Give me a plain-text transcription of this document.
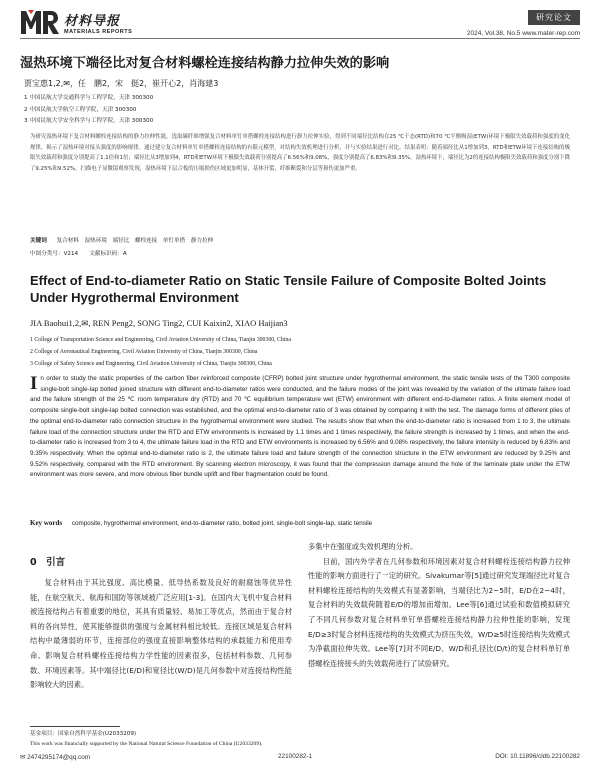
材料导报
MATERIALS REPORTS
研究论文
2024, Vol.38, No.5 www.mater-rep.com
湿热环境下端径比对复合材料螺栓连接结构静力拉伸失效的影响
贾宝惠1,2,✉，任　鹏2，宋　挺2，崔开心2，肖海建3
1 中国民航大学交通科学与工程学院，天津 300300
2 中国民航大学航空工程学院，天津 300300
3 中国民航大学安全科学与工程学院，天津 300300
为研究湿热环境下复合材料螺栓连接结构的静力拉伸性能，选取碳纤维增强复合材料单钉单搭螺栓连接结构进行静力拉伸实验，得到不同端径比结构在25 ℃干态(RTD)和70 ℃平衡吸湿(ETW)环境下极限失效载荷和强度的变化规律，揭示了湿热环境对接头强度的影响规律。通过建立复合材料单钉单搭螺栓连接结构的有限元模型，对结构失效机理进行分析，并与实验结果进行对比。结果表明：随着端径比从1增加到3，RTD和ETW环境下连接结构的极限失效载荷和强度分别提高了1.1倍和1倍；端径比从3增加到4，RTD和ETW环境下极限失效载荷分别提高了6.56%和9.08%，强度分别提高了6.83%和9.35%。湿热环境下，端径比为2的连接结构极限失效载荷和强度分别下降了9.25%和9.52%。扫描电子显微镜观察发现，湿热环境下层合板的压缩损伤区域更加明显，基体开裂、纤维断裂和分层等损伤更加严重。
关键词 复合材料　湿热环境　端径比　螺栓连接　单钉单搭　静力拉伸
中图分类号：V214　　文献标识码：A
Effect of End-to-diameter Ratio on Static Tensile Failure of Composite Bolted Joints Under Hygrothermal Environment
JIA Baohui1,2,✉, REN Peng2, SONG Ting2, CUI Kaixin2, XIAO Haijian3
1 College of Transportation Science and Engineering, Civil Aviation University of China, Tianjin 300300, China
2 College of Aeronautical Engineering, Civil Aviation University of China, Tianjin 300300, China
3 College of Safety Science and Engineering, Civil Aviation University of China, Tianjin 300300, China
I n order to study the static properties of the carbon fiber reinforced composite (CFRP) bolted joint structure under hygrothermal environment, the static tensile tests of the T300 composite single-bolt single-lap bolted joined structure with different end-to-diameter ratios were conducted, and the failure modes of the joint was revealed by the variation of the ultimate failure load and the failure strength of the 25 ℃ room temperature dry (RTD) and 70 ℃ equilibrium temperature wet (ETW) environment with different end-to-diameter ratios. A finite element model of composite single-bolt single-lap bolted connection was established, and the optimal end-to-diameter ratio of 3 was obtained by comparing it with the test. The damage forms of different plies of the optimal end-to-diameter ratio connection structure in the hygrothermal environment were studied. The results show that when the end-to-diameter ratio is increased from 1 to 3, the ultimate failure load of the connection structure under the RTD and ETW environments is increased by 1.1 times and 1 times respectively, the failure strength is increased by 1 times, and when the end-to-diameter ratio is increased from 3 to 4, the ultimate failure load in the RTD and ETW environments is increased by 6.56% and 9.08% respectively, the failure intensity is reduced by 6.83% and 9.35% respectively. When the optimal end-to-diameter ratio is 2, the ultimate failure load and failure strength of the connection structure in the ETW environment are reduced by 9.25% and 9.52% respectively, compared with the RTD environment. By scanning electron microscopy, it was found that the compression damage around the hole of the laminate plate under the ETW environment was more severe, and more obvious fiber bundle uplift and fiber fragmentation could be found.
Key words composite, hygrothermal environment, end-to-diameter ratio, bolted joint, single-bolt single-lap, static tensile
0　引言

复合材料由于其比强度、高比模量、低导热系数及良好的耐腐蚀等优异性能，在航空航天、航海和国防等领域被广泛应用[1-3]。在国内大飞机中复合材料被连接结构占有着重要的地位，其具有质量轻、易加工等优点，然而由于复合材料的各向异性，使其能够提供的强度与金属材料相比较低。连接区域是复合材料结构中最薄弱的环节，连接部位的强度直接影响整体结构的承载能力和使用寿命。影响复合材料螺栓连接结构力学性能的因素很多，包括材料参数、几何参数、环境因素等。其中端径比(E/D)和宽径比(W/D)是几何参数中对连接结构性能影响较大的因素。

多集中在强度或失效机理的分析。

目前，国内外学者在几何参数和环境因素对复合材料螺栓连接结构静力拉伸性能的影响方面进行了一定的研究。Sivakumar等[5]通过研究发现端径比对复合材料螺栓连接结构的失效模式有显著影响，当端径比为2~5时，E/D在2~4时，复合材料的失效载荷随着E/D的增加而增加。Lee等[6]通过试验和数值模拟研究了不同几何参数对复合材料单钉单搭螺栓连接结构静力拉伸性能的影响，发现E/D≥3时复合材料连接结构的失效模式为挤压失效，W/D≥5时连接结构失效模式为净截面拉伸失效。Lee等[7]对不同E/D、W/D和孔径比(D/t)的复合材料单钉单搭螺栓连接接头的失效载荷进行了试验研究。

基金项目：国家自然科学基金(U2033209)
This work was financially supported by the National Natural Science Foundation of China (U2033209).
✉ 2474295174@qq.com	22100282-1	DOI: 10.11896/cldb.22100282
